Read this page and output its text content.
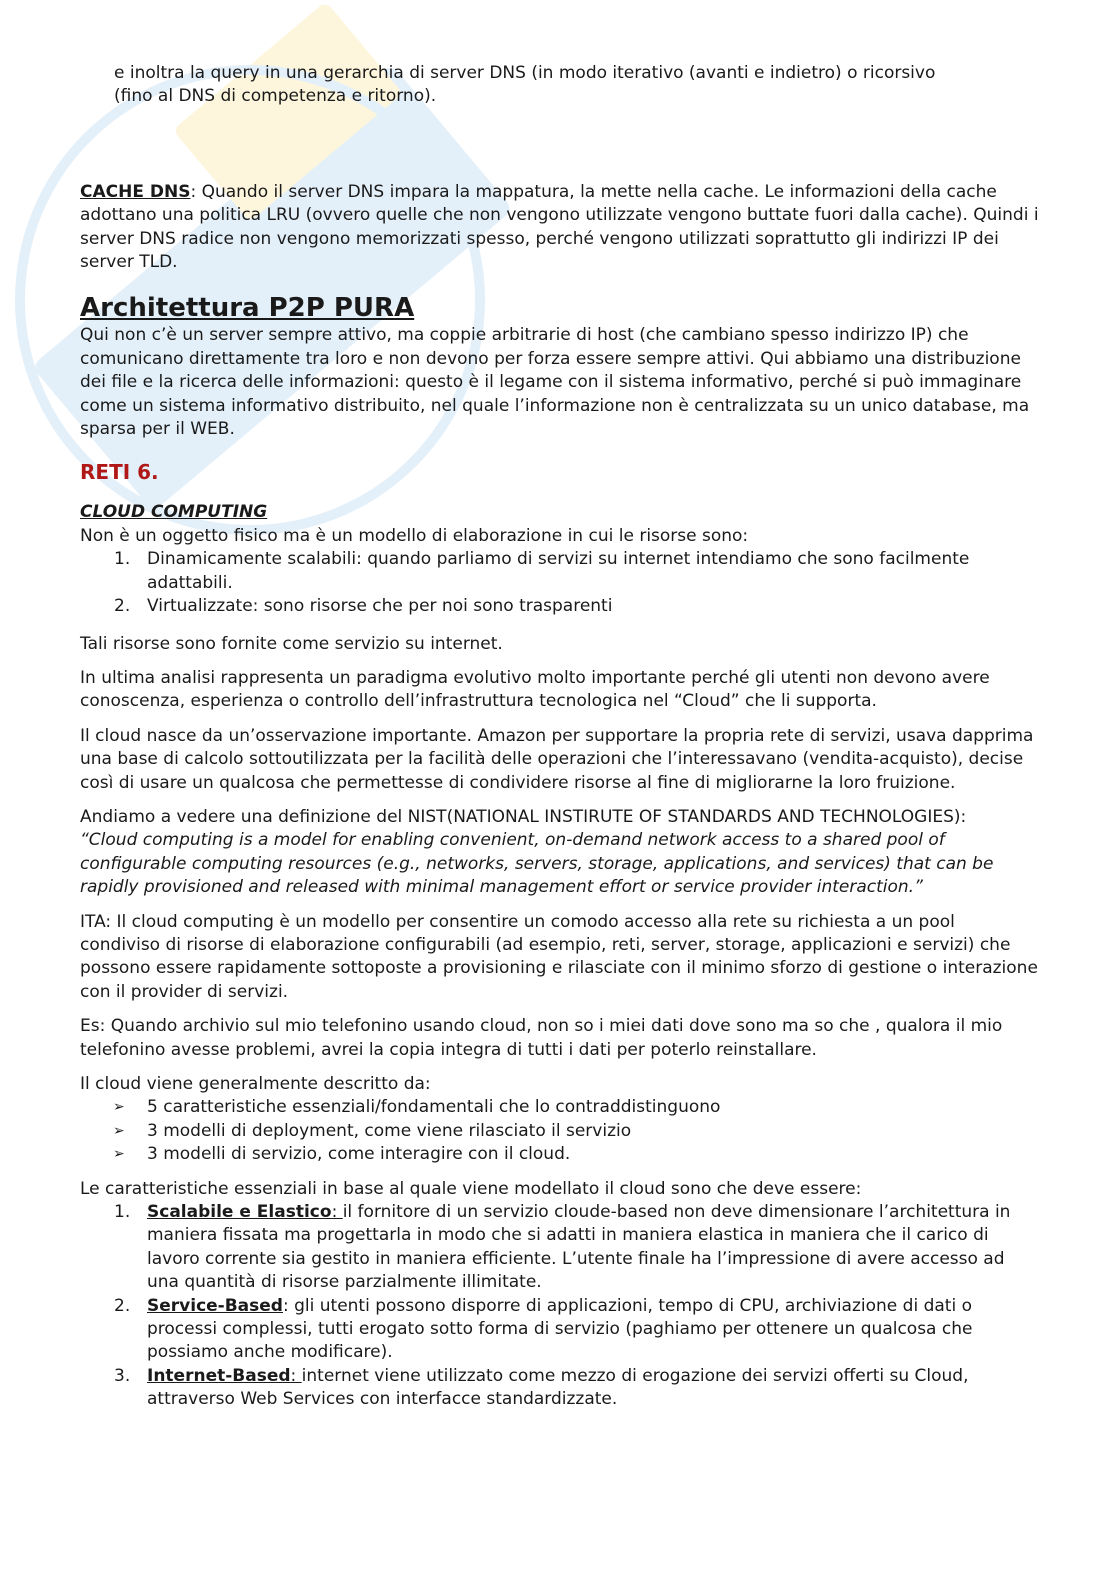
e inoltra la query in una gerarchia di server DNS (in modo iterativo (avanti e indietro) o ricorsivo

(fino al DNS di competenza e ritorno).

CACHE DNS: Quando il server DNS impara la mappatura, la mette nella cache. Le informazioni della cache adottano una politica LRU (ovvero quelle che non vengono utilizzate vengono buttate fuori dalla cache). Quindi i server DNS radice non vengono memorizzati spesso, perché vengono utilizzati soprattutto gli indirizzi IP dei server TLD.

Architettura P2P PURA

Qui non c’è un server sempre attivo, ma coppie arbitrarie di host (che cambiano spesso indirizzo IP) che comunicano direttamente tra loro e non devono per forza essere sempre attivi. Qui abbiamo una distribuzione dei file e la ricerca delle informazioni: questo è il legame con il sistema informativo, perché si può immaginare come un sistema informativo distribuito, nel quale l’informazione non è centralizzata su un unico database, ma sparsa per il WEB.

RETI 6.
CLOUD COMPUTING

Non è un oggetto fisico ma è un modello di elaborazione in cui le risorse sono:

1. Dinamicamente scalabili: quando parliamo di servizi su internet intendiamo che sono facilmente adattabili.
2. Virtualizzate: sono risorse che per noi sono trasparenti

Tali risorse sono fornite come servizio su internet.

In ultima analisi rappresenta un paradigma evolutivo molto importante perché gli utenti non devono avere conoscenza, esperienza o controllo dell’infrastruttura tecnologica nel “Cloud” che li supporta.

Il cloud nasce da un’osservazione importante. Amazon per supportare la propria rete di servizi, usava dapprima una base di calcolo sottoutilizzata per la facilità delle operazioni che l’interessavano (vendita-acquisto), decise così di usare un qualcosa che permettesse di condividere risorse al fine di migliorarne la loro fruizione.

Andiamo a vedere una definizione del NIST(NATIONAL INSTIRUTE OF STANDARDS AND TECHNOLOGIES):

“Cloud computing is a model for enabling convenient, on-demand network access to a shared pool of configurable computing resources (e.g., networks, servers, storage, applications, and services) that can be rapidly provisioned and released with minimal management effort or service provider interaction.”

ITA: Il cloud computing è un modello per consentire un comodo accesso alla rete su richiesta a un pool condiviso di risorse di elaborazione configurabili (ad esempio, reti, server, storage, applicazioni e servizi) che possono essere rapidamente sottoposte a provisioning e rilasciate con il minimo sforzo di gestione o interazione con il provider di servizi.

Es: Quando archivio sul mio telefonino usando cloud, non so i miei dati dove sono ma so che , qualora il mio telefonino avesse problemi, avrei la copia integra di tutti i dati per poterlo reinstallare.

Il cloud viene generalmente descritto da:

➢	5 caratteristiche essenziali/fondamentali che lo contraddistinguono
➢	3 modelli di deployment, come viene rilasciato il servizio
➢	3 modelli di servizio, come interagire con il cloud.

Le caratteristiche essenziali in base al quale viene modellato il cloud sono che deve essere:

1. Scalabile e Elastico: il fornitore di un servizio cloude-based non deve dimensionare l’architettura in maniera fissata ma progettarla in modo che si adatti in maniera elastica in maniera che il carico di lavoro corrente sia gestito in maniera efficiente. L’utente finale ha l’impressione di avere accesso ad una quantità di risorse parzialmente illimitate.
2. Service-Based: gli utenti possono disporre di applicazioni, tempo di CPU, archiviazione di dati o processi complessi, tutti erogato sotto forma di servizio (paghiamo per ottenere un qualcosa che possiamo anche modificare).
3. Internet-Based: internet viene utilizzato come mezzo di erogazione dei servizi offerti su Cloud, attraverso Web Services con interfacce standardizzate.
